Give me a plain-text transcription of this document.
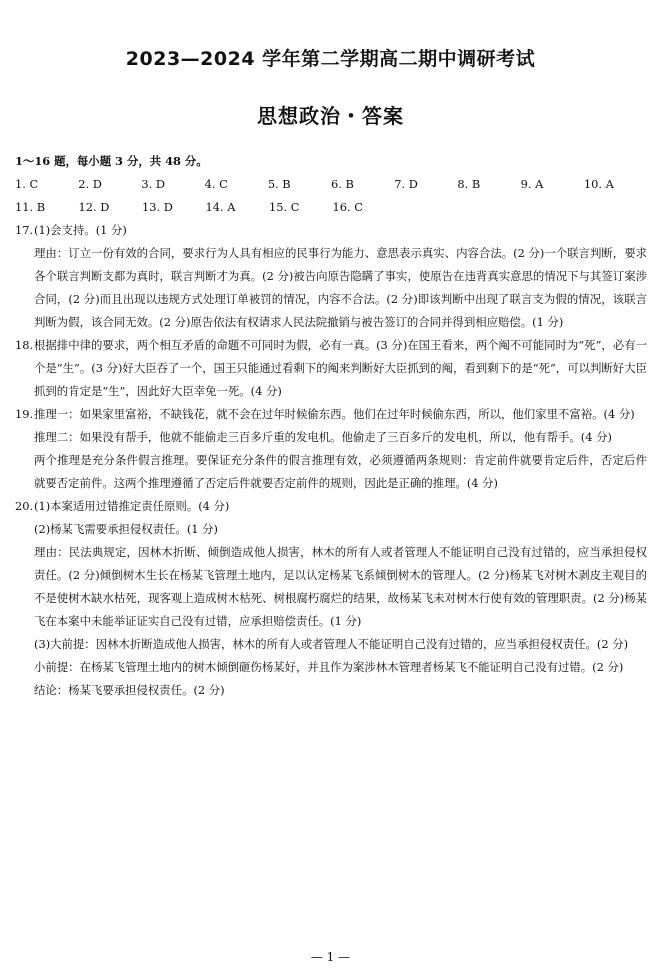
2023—2024 学年第二学期高二期中调研考试
思想政治・答案
1～16 题，每小题 3 分，共 48 分。
1. C	2. D	3. D	4. C	5. B	6. B	7. D	8. B	9. A	10. A
11. B	12. D	13. D	14. A	15. C	16. C
17. (1)会支持。(1 分)

理由：订立一份有效的合同，要求行为人具有相应的民事行为能力、意思表示真实、内容合法。(2 分)一个联言判断，要求各个联言判断支都为真时，联言判断才为真。(2 分)被告向原告隐瞒了事实，使原告在违背真实意思的情况下与其签订案涉合同，(2 分)而且出现以违规方式处理订单被罚的情况，内容不合法。(2 分)即该判断中出现了联言支为假的情况，该联言判断为假，该合同无效。(2 分)原告依法有权请求人民法院撤销与被告签订的合同并得到相应赔偿。(1 分)

18. 根据排中律的要求，两个相互矛盾的命题不可同时为假，必有一真。(3 分)在国王看来，两个阄不可能同时为“死”，必有一个是“生”。(3 分)好大臣吞了一个，国王只能通过看剩下的阄来判断好大臣抓到的阄，看到剩下的是“死”，可以判断好大臣抓到的肯定是“生”，因此好大臣幸免一死。(4 分)

19. 推理一：如果家里富裕，不缺钱花，就不会在过年时候偷东西。他们在过年时候偷东西，所以，他们家里不富裕。(4 分)

推理二：如果没有帮手，他就不能偷走三百多斤重的发电机。他偷走了三百多斤的发电机，所以，他有帮手。(4 分)

两个推理是充分条件假言推理。要保证充分条件的假言推理有效，必须遵循两条规则：肯定前件就要肯定后件，否定后件就要否定前件。这两个推理遵循了否定后件就要否定前件的规则，因此是正确的推理。(4 分)

20. (1)本案适用过错推定责任原则。(4 分)

(2)杨某飞需要承担侵权责任。(1 分)

理由：民法典规定，因林木折断、倾倒造成他人损害，林木的所有人或者管理人不能证明自己没有过错的，应当承担侵权责任。(2 分)倾倒树木生长在杨某飞管理土地内，足以认定杨某飞系倾倒树木的管理人。(2 分)杨某飞对树木剥皮主观目的不是使树木缺水枯死，现客观上造成树木枯死、树根腐朽腐烂的结果，故杨某飞未对树木行使有效的管理职责。(2 分)杨某飞在本案中未能举证证实自己没有过错，应承担赔偿责任。(1 分)

(3)大前提：因林木折断造成他人损害，林木的所有人或者管理人不能证明自己没有过错的，应当承担侵权责任。(2 分)

小前提：在杨某飞管理土地内的树木倾倒砸伤杨某好，并且作为案涉林木管理者杨某飞不能证明自己没有过错。(2 分)

结论：杨某飞要承担侵权责任。(2 分)

— 1 —
